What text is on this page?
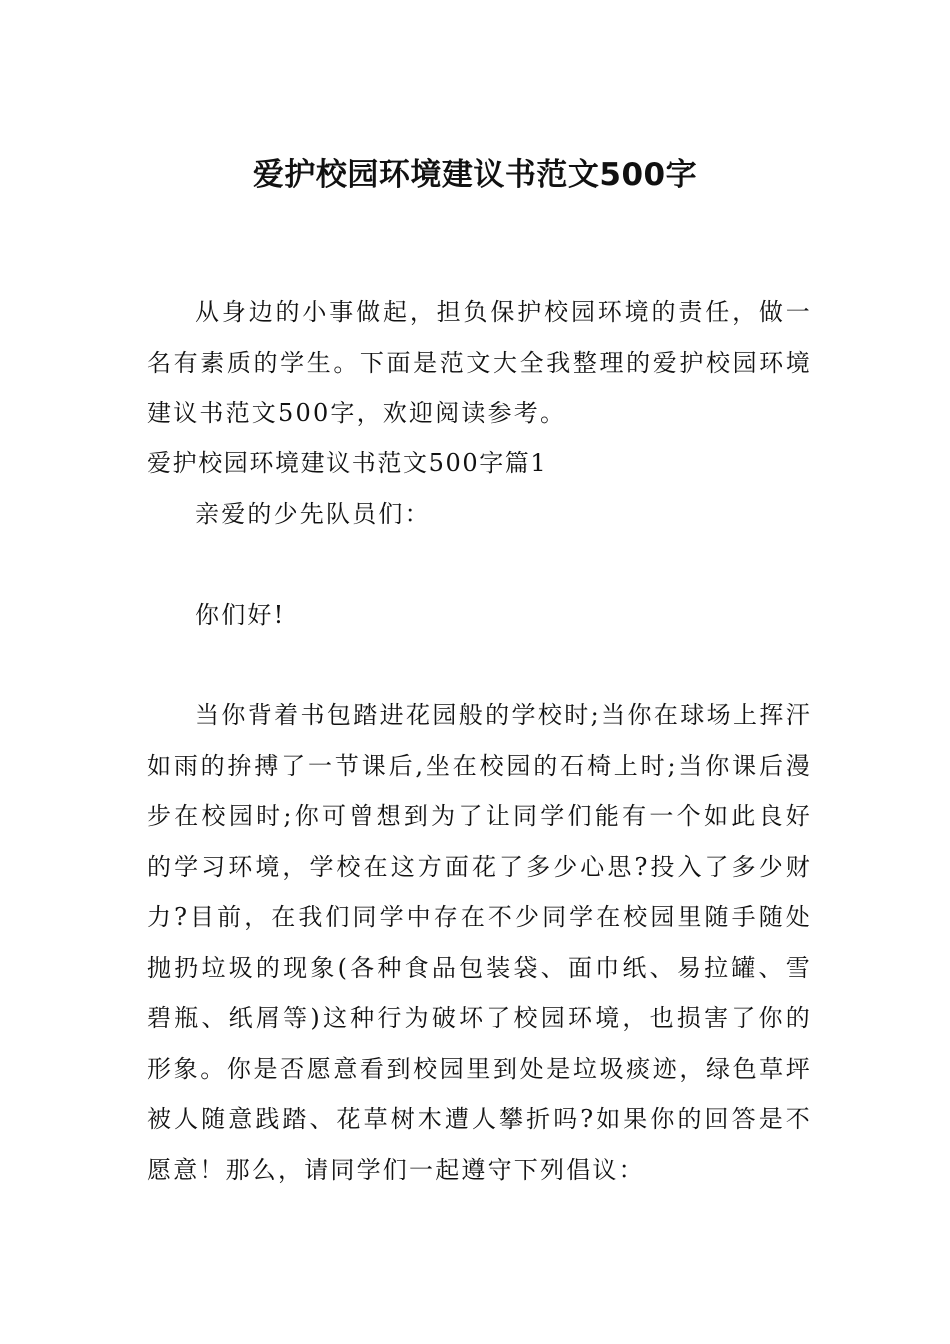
爱护校园环境建议书范文500字

从身边的小事做起，担负保护校园环境的责任，做一名有素质的学生。下面是范文大全我整理的爱护校园环境建议书范文500字，欢迎阅读参考。

爱护校园环境建议书范文500字篇1

亲爱的少先队员们：

你们好!

当你背着书包踏进花园般的学校时;当你在球场上挥汗如雨的拚搏了一节课后,坐在校园的石椅上时;当你课后漫步在校园时;你可曾想到为了让同学们能有一个如此良好的学习环境，学校在这方面花了多少心思?投入了多少财力?目前，在我们同学中存在不少同学在校园里随手随处抛扔垃圾的现象(各种食品包装袋、面巾纸、易拉罐、雪碧瓶、纸屑等)这种行为破坏了校园环境，也损害了你的形象。你是否愿意看到校园里到处是垃圾痰迹，绿色草坪被人随意践踏、花草树木遭人攀折吗?如果你的回答是不愿意！那么，请同学们一起遵守下列倡议：
